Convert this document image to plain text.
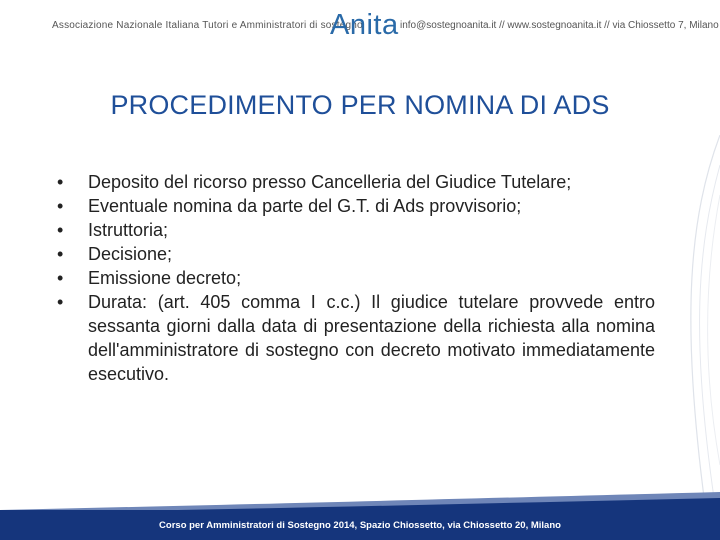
Associazione Nazionale Italiana Tutori e Amministratori di sostegno
Anita info@sostegnoanita.it // www.sostegnoanita.it // via Chiossetto 7, Milano
PROCEDIMENTO PER NOMINA DI ADS
•	Deposito del ricorso presso Cancelleria del Giudice Tutelare;
•	Eventuale nomina da parte del G.T. di Ads provvisorio;
•	Istruttoria;
•	Decisione;
•	Emissione decreto;
•	Durata: (art. 405 comma I c.c.) Il giudice tutelare provvede entro sessanta giorni dalla data di presentazione della richiesta alla nomina dell'amministratore di sostegno con decreto motivato immediatamente esecutivo.
Corso per Amministratori di Sostegno 2014, Spazio Chiossetto, via Chiossetto 20, Milano
